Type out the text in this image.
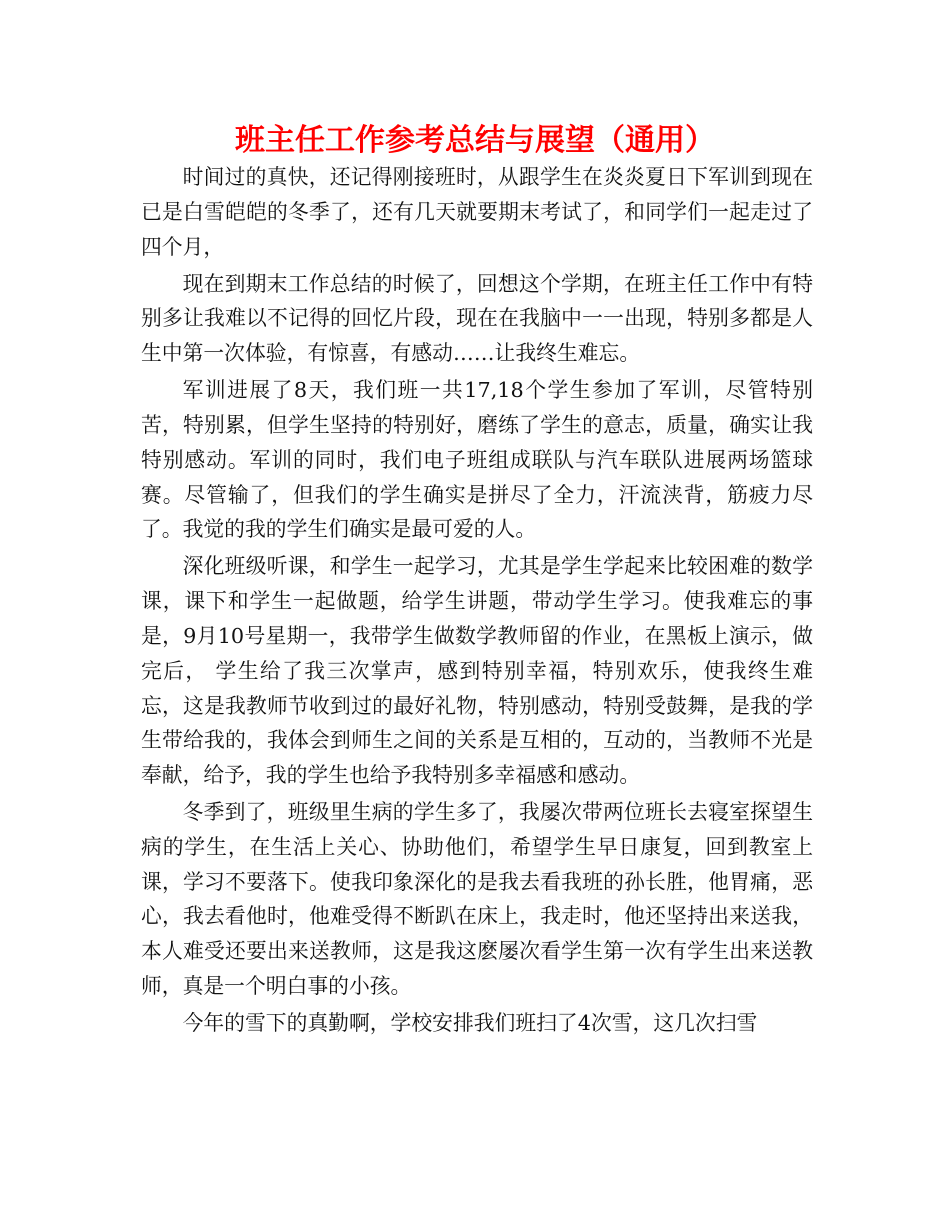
班主任工作参考总结与展望（通用）

时间过的真快，还记得刚接班时，从跟学生在炎炎夏日下军训到现在已是白雪皑皑的冬季了，还有几天就要期末考试了，和同学们一起走过了四个月，

现在到期末工作总结的时候了，回想这个学期，在班主任工作中有特别多让我难以不记得的回忆片段，现在在我脑中一一出现，特别多都是人生中第一次体验，有惊喜，有感动……让我终生难忘。

军训进展了8天，我们班一共17,18个学生参加了军训，尽管特别苦，特别累，但学生坚持的特别好，磨练了学生的意志，质量，确实让我特别感动。军训的同时，我们电子班组成联队与汽车联队进展两场篮球赛。尽管输了，但我们的学生确实是拼尽了全力，汗流浃背，筋疲力尽了。我觉的我的学生们确实是最可爱的人。

深化班级听课，和学生一起学习，尤其是学生学起来比较困难的数学课，课下和学生一起做题，给学生讲题，带动学生学习。使我难忘的事是，9月10号星期一，我带学生做数学教师留的作业，在黑板上演示，做完后， 学生给了我三次掌声，感到特别幸福，特别欢乐，使我终生难忘，这是我教师节收到过的最好礼物，特别感动，特别受鼓舞，是我的学生带给我的，我体会到师生之间的关系是互相的，互动的，当教师不光是奉献，给予，我的学生也给予我特别多幸福感和感动。

冬季到了，班级里生病的学生多了，我屡次带两位班长去寝室探望生病的学生，在生活上关心、协助他们，希望学生早日康复，回到教室上课，学习不要落下。使我印象深化的是我去看我班的孙长胜，他胃痛，恶心，我去看他时，他难受得不断趴在床上，我走时，他还坚持出来送我，本人难受还要出来送教师，这是我这麽屡次看学生第一次有学生出来送教师，真是一个明白事的小孩。

今年的雪下的真勤啊，学校安排我们班扫了4次雪，这几次扫雪
